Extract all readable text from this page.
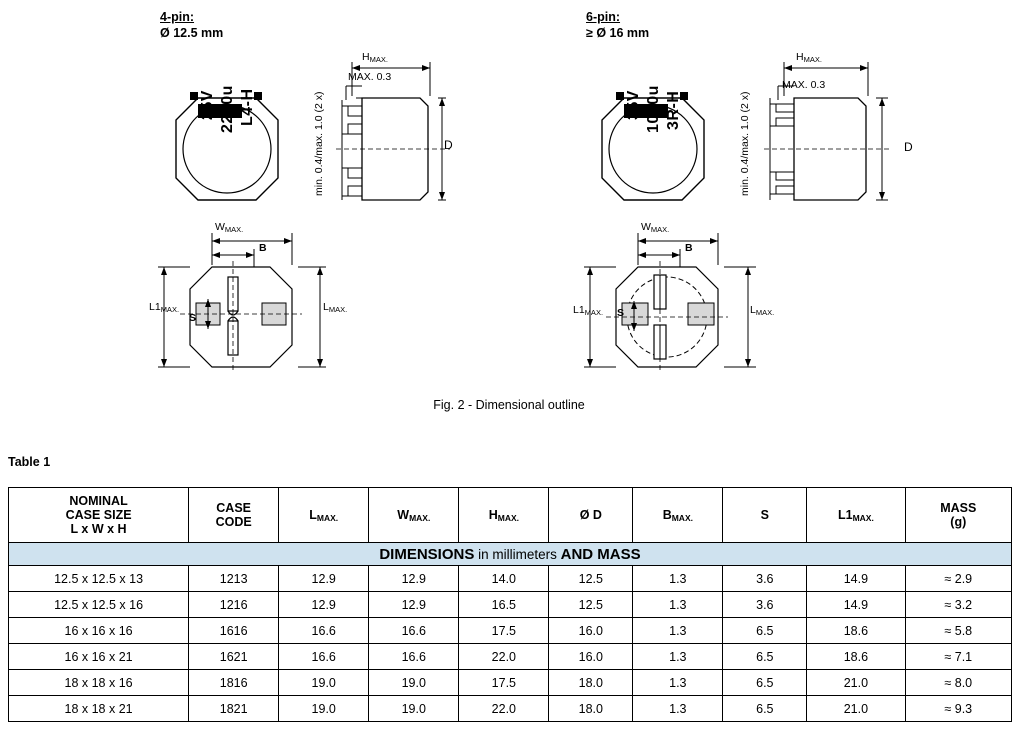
4-pin:
Ø 12.5 mm
25V 2200u L4-H
HMAX.
MAX. 0.3
min. 0.4/max. 1.0 (2 x)	D
WMAX.
B
S
L1MAX.	LMAX.
6-pin:
≥ Ø 16 mm
35V 1000u 3R-H
HMAX.
MAX. 0.3
min. 0.4/max. 1.0 (2 x)	D
WMAX.
B
S
L1MAX.	LMAX.
Fig. 2 - Dimensional outline
Table 1
DIMENSIONS in millimeters AND MASS									

NOMINAL
CASE SIZE
L x W x H

CASE
CODE
	LMAX.	WMAX.	HMAX.	Ø D	BMAX.	S	L1MAX.	
MASS
(g)

12.5 x 12.5 x 13	1213	12.9	12.9	14.0	12.5	1.3	3.6	14.9	≈ 2.9
12.5 x 12.5 x 16	1216	12.9	12.9	16.5	12.5	1.3	3.6	14.9	≈ 3.2
16 x 16 x 16	1616	16.6	16.6	17.5	16.0	1.3	6.5	18.6	≈ 5.8
16 x 16 x 21	1621	16.6	16.6	22.0	16.0	1.3	6.5	18.6	≈ 7.1
18 x 18 x 16	1816	19.0	19.0	17.5	18.0	1.3	6.5	21.0	≈ 8.0
18 x 18 x 21	1821	19.0	19.0	22.0	18.0	1.3	6.5	21.0	≈ 9.3
